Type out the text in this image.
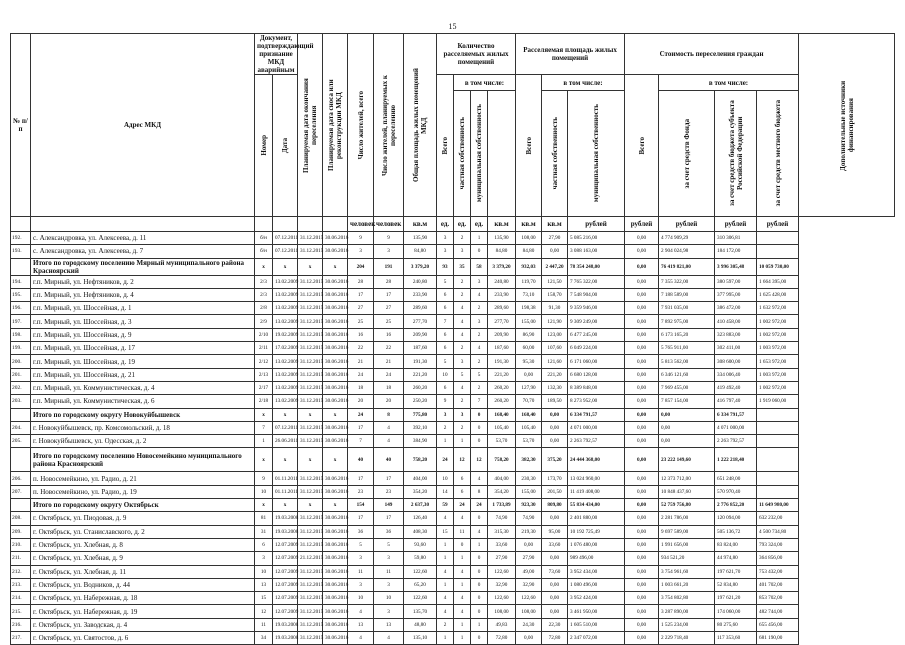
15
№ п/п	Адрес МКД	Документ, подтверждающий признание МКД аварийным		Планируемая дата окончания переселения	Планируемая дата сноса или реконструкции МКД	Число жителей, всего	Число жителей, планируемых к переселению	Общая площадь жилых помещений МКД	Количество расселяемых жилых помещений				Расселяемая площадь жилых помещений			Стоимость переселения граждан				Дополнительные источники финансирования

		Номер	Дата						Всего	в том числе:			Всего	в том числе:		Всего	в том числе:			

										частная собственность	муниципальная собственность			частная собственность	муниципальная собственность		за счет средств Фонда	за счет средств бюджета субъекта Российской Федерации	за счет средств местного бюджета	

						человек	человек	кв.м	ед.	ед.	ед.	кв.м	кв.м	кв.м	рублей	рублей	рублей	рублей	рублей	
192.	с. Александровка, ул. Алексеева, д. 11	б/н	07.12.2011	31.12.2015	30.06.2016	9	9	135,90	3	2	1	135,90	108,00	27,90	5 085 216,00	0,00	4 774 909,29	310 306,81		
193.	с. Александровка, ул. Алексеева, д. 7	б/н	07.12.2011	31.12.2015	30.06.2016	3	3	84,80	3	3	0	84,80	84,80	0,00	3 088 163,00	0,00	2 904 024,98	184 172,00		
	Итого по городскому поселению Мярный муниципального района Красноярский	x	x	x	x	204	191	3 379,20	93	35	58	3 379,20	932,03	2 447,20	78 354 248,00	0,00	76 419 821,00	3 996 305,48	10 059 730,00	
194.	г.п. Мирный, ул. Нефтяников, д. 2	2/3	13.02.2009	31.12.2015	30.06.2016	28	28	240,80	5	2	3	240,80	119,70	121,50	7 765 322,00	0,00	7 355 322,00	380 597,00	1 664 395,00	
195.	г.п. Мирный, ул. Нефтяников, д. 4	2/3	13.02.2009	31.12.2015	30.06.2016	17	17	233,90	6	2	4	233,90	73,10	158,70	7 548 904,00	0,00	7 188 589,00	377 995,00	1 625 428,00	
196.	г.п. Мирный, ул. Шоссейная, д. 1	2/8	13.02.2009	31.12.2015	30.06.2016	27	27	289,60	6	4	2	289,60	198,38	91,30	9 359 946,00	0,00	7 931 035,00	386 472,00	1 632 972,00	
197.	г.п. Мирный, ул. Шоссейная, д. 3	2/9	13.02.2009	31.12.2015	30.06.2016	25	25	277,70	7	4	3	277,70	155,00	121,90	9 309 249,00	0,00	7 892 975,00	410 458,00	1 002 972,00	
198.	г.п. Мирный, ул. Шоссейная, д. 9	2/10	19.02.2009	31.12.2015	30.06.2016	16	16	209,90	6	4	2	209,90	86,90	123,00	6 477 245,00	0,00	6 173 165,20	323 883,00	1 002 972,00	
199.	г.п. Мирный, ул. Шоссейная, д. 17	2/11	17.02.2009	31.12.2015	30.06.2016	22	22	187,60	6	2	4	187,60	60,00	107,60	6 049 224,00	0,00	5 765 911,00	302 411,00	1 003 972,00	
200.	г.п. Мирный, ул. Шоссейная, д. 19	2/12	13.02.2009	31.12.2015	30.06.2016	21	21	191,30	5	3	2	191,30	95,30	121,60	6 171 060,00	0,00	5 813 562,00	308 600,00	1 653 972,00	
201.	г.п. Мирный, ул. Шоссейная, д. 21	2/13	13.02.2009	31.12.2015	30.06.2016	24	24	221,20	10	5	5	221,20	0,00	221,20	6 680 128,00	0,00	6 346 121,60	334 006,40	1 003 972,00	
202.	г.п. Мирный, ул. Коммунистическая, д. 4	2/17	13.02.2009	31.12.2015	30.06.2016	18	18	260,20	6	4	2	260,20	127,90	132,30	8 389 848,00	0,00	7 969 455,00	419 492,40	1 002 972,00	
203.	г.п. Мирный, ул. Коммунистическая, д. 6	2/18	13.02.2009	31.12.2015	30.06.2016	20	20	250,20	9	2	7	260,20	70,70	189,50	8 273 952,00	0,00	7 857 154,00	416 797,40	1 919 060,00	
	Итого по городскому округу Новокуйбышевск	x	x	x	x	24	8	775,80	3	3	0	168,40	168,40	0,00	6 334 791,57	0,00	0,00	6 334 791,57		
204.	г. Новокуйбышевск, пр. Комсомольский, д. 18	7	07.12.2011	31.12.2015	30.06.2016	17	4	392,10	2	2	0	105,40	105,40	0,00	4 071 000,00	0,00	0,00	4 071 000,00		
205.	г. Новокуйбышевск, ул. Одесская, д. 2	1	26.06.2011	31.12.2015	30.06.2016	7	4	384,90	1	1	0	53,70	53,70	0,00	2 263 792,57	0,00	0,00	2 263 792,57		
	Итого по городскому поселению Новосемейкино муниципального района Красноярский	x	x	x	x	40	40	758,20	24	12	12	758,20	382,30	375,20	24 444 368,00	0,00	23 222 149,60	1 222 218,40		
206.	п. Новосемейкино, ул. Радио, д. 21	9	01.11.2011	31.12.2015	30.06.2016	17	17	404,00	10	6	4	404,00	230,30	173,70	13 024 960,00	0,00	12 373 712,00	651 248,00		
207.	п. Новосемейкино, ул. Радио, д. 19	10	01.11.2011	31.12.2015	30.06.2016	23	23	354,20	14	6	8	354,20	155,00	201,50	11 419 408,00	0,00	10 848 437,60	570 970,40		
	Итого по городскому округу Октябрьск	x	x	x	x	154	149	2 637,30	59	24	24	1 733,89	923,30	809,80	55 834 434,00	0,00	52 759 756,80	2 776 852,20	11 649 980,00	
208.	г. Октябрьск, ул. Пиодовая, д. 9	81	19.03.2008	31.12.2015	30.06.2016	17	17	126,40	4	4	0	74,90	74,90	0,00	2 401 880,00	0,00	2 281 786,00	120 094,00	632 232,00	
209.	г. Октябрьск, ул. Станиславского, д. 2	31	19.03.2008	31.12.2015	30.06.2016	36	36	408,30	15	11	4	315,30	219,30	95,00	10 192 725,49	0,00	9 697 589,00	505 136,72	4 500 734,80	
210.	г. Октябрьск, ул. Хлебная, д. 8	6	12.07.2009	31.12.2015	30.06.2016	5	5	93,60	1	0	1	33,60	0,00	33,60	1 076 480,00	0,00	1 991 656,00	83 824,00	793 324,00	
211.	г. Октябрьск, ул. Хлебная, д. 9	3	12.07.2009	21.12.2015	30.06.2016	3	3	59,80	1	1	0	27,90	27,90	0,00	989 496,00	0,00	934 521,20	44 974,80	364 856,00	
212.	г. Октябрьск, ул. Хлебная, д. 11	10	12.07.2009	31.12.2015	30.06.2016	11	11	122,60	4	4	0	122,60	49,00	73,60	3 952 434,00	0,00	3 754 961,60	197 621,70	753 432,00	
213.	г. Октябрьск, ул. Водников, д. 44	13	12.07.2009	31.12.2015	30.06.2016	3	3	65,20	1	1	0	32,90	32,90	0,00	1 080 496,00	0,00	1 003 661,20	52 834,80	401 702,00	
214.	г. Октябрьск, ул. Набережная, д. 18	15	12.07.2009	31.12.2015	30.06.2016	10	10	122,60	4	4	0	122,60	122,60	0,00	3 952 424,00	0,00	3 754 802,80	197 621,20	853 702,00	
215.	г. Октябрьск, ул. Набережная, д. 19	12	12.07.2009	31.12.2015	30.06.2016	4	3	135,70	4	4	0	108,00	108,00	0,00	3 461 950,00	0,00	3 287 890,00	174 060,00	482 744,00	
216.	г. Октябрьск, ул. Заводская, д. 4	11	19.03.2008	31.12.2015	30.06.2016	13	13	48,80	2	1	1	49,83	24,30	22,30	1 605 510,00	0,00	1 525 234,00	80 275,60	655 456,00	
217.	г. Октябрьск, ул. Святостов, д. 6	34	19.03.2008	31.12.2015	30.06.2016	4	4	135,10	1	1	0	72,80	0,00	72,80	2 347 072,00	0,00	2 229 718,40	117 353,60	681 190,00	
